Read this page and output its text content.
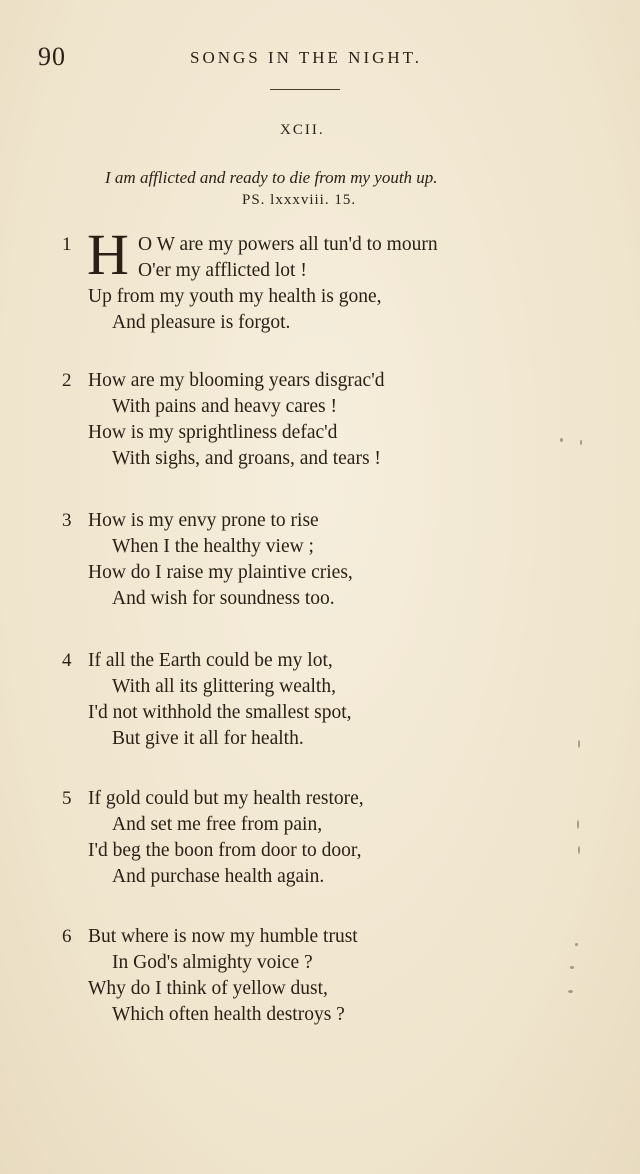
90	SONGS IN THE NIGHT.
XCII.
I am afflicted and ready to die from my youth up.
PS. lxxxviii. 15.
1 H O W are my powers all tun'd to mourn
O'er my afflicted lot !
Up from my youth my health is gone,
And pleasure is forgot.
2 How are my blooming years disgrac'd
With pains and heavy cares !
How is my sprightliness defac'd
With sighs, and groans, and tears !
3 How is my envy prone to rise
When I the healthy view ;
How do I raise my plaintive cries,
And wish for soundness too.
4 If all the Earth could be my lot,
With all its glittering wealth,
I'd not withhold the smallest spot,
But give it all for health.
5 If gold could but my health restore,
And set me free from pain,
I'd beg the boon from door to door,
And purchase health again.
6 But where is now my humble trust
In God's almighty voice ?
Why do I think of yellow dust,
Which often health destroys ?
